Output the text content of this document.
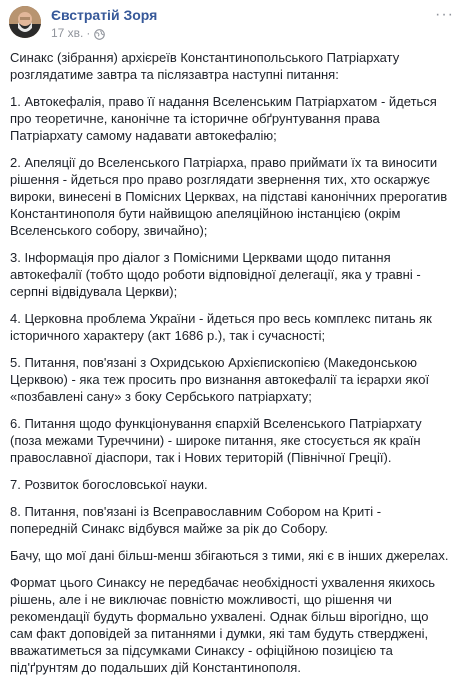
Євстратій Зоря
17 хв. ·
···

Синакс (зібрання) архієреїв Константинопольського Патріархату розглядатиме завтра та післязавтра наступні питання:

1. Автокефалія, право її надання Вселенським Патріархатом - йдеться про теоретичне, канонічне та історичне обґрунтування права Патріархату самому надавати автокефалію;

2. Апеляції до Вселенського Патріарха, право приймати їх та виносити рішення - йдеться про право розглядати звернення тих, хто оскаржує вироки, винесені в Помісних Церквах, на підставі канонічних прерогатив Константинополя бути найвищою апеляційною інстанцією (окрім Вселенського собору, звичайно);

3. Інформація про діалог з Помісними Церквами щодо питання автокефалії (тобто щодо роботи відповідної делегації, яка у травні - серпні відвідувала Церкви);

4. Церковна проблема України - йдеться про весь комплекс питань як історичного характеру (акт 1686 р.), так і сучасності;

5. Питання, пов'язані з Охридською Архієпископією (Македонською Церквою) - яка теж просить про визнання автокефалії та ієрархи якої «позбавлені сану» з боку Сербського патріархату;

6. Питання щодо функціонування єпархій Вселенського Патріархату (поза межами Туреччини) - широке питання, яке стосується як країн православної діаспори, так і Нових територій (Північної Греції).

7. Розвиток богословської науки.

8. Питання, пов'язані із Всеправославним Собором на Криті - попередній Синакс відбувся майже за рік до Собору.

Бачу, що мої дані більш-менш збігаються з тими, які є в інших джерелах.

Формат цього Синаксу не передбачає необхідності ухвалення якихось рішень, але і не виключає повністю можливості, що рішення чи рекомендації будуть формально ухвалені. Однак більш вірогідно, що сам факт доповідей за питаннями і думки, які там будуть стверджені, вважатиметься за підсумками Синаксу - офіційною позицією та під'ґрунтям до подальших дій Константинополя.
